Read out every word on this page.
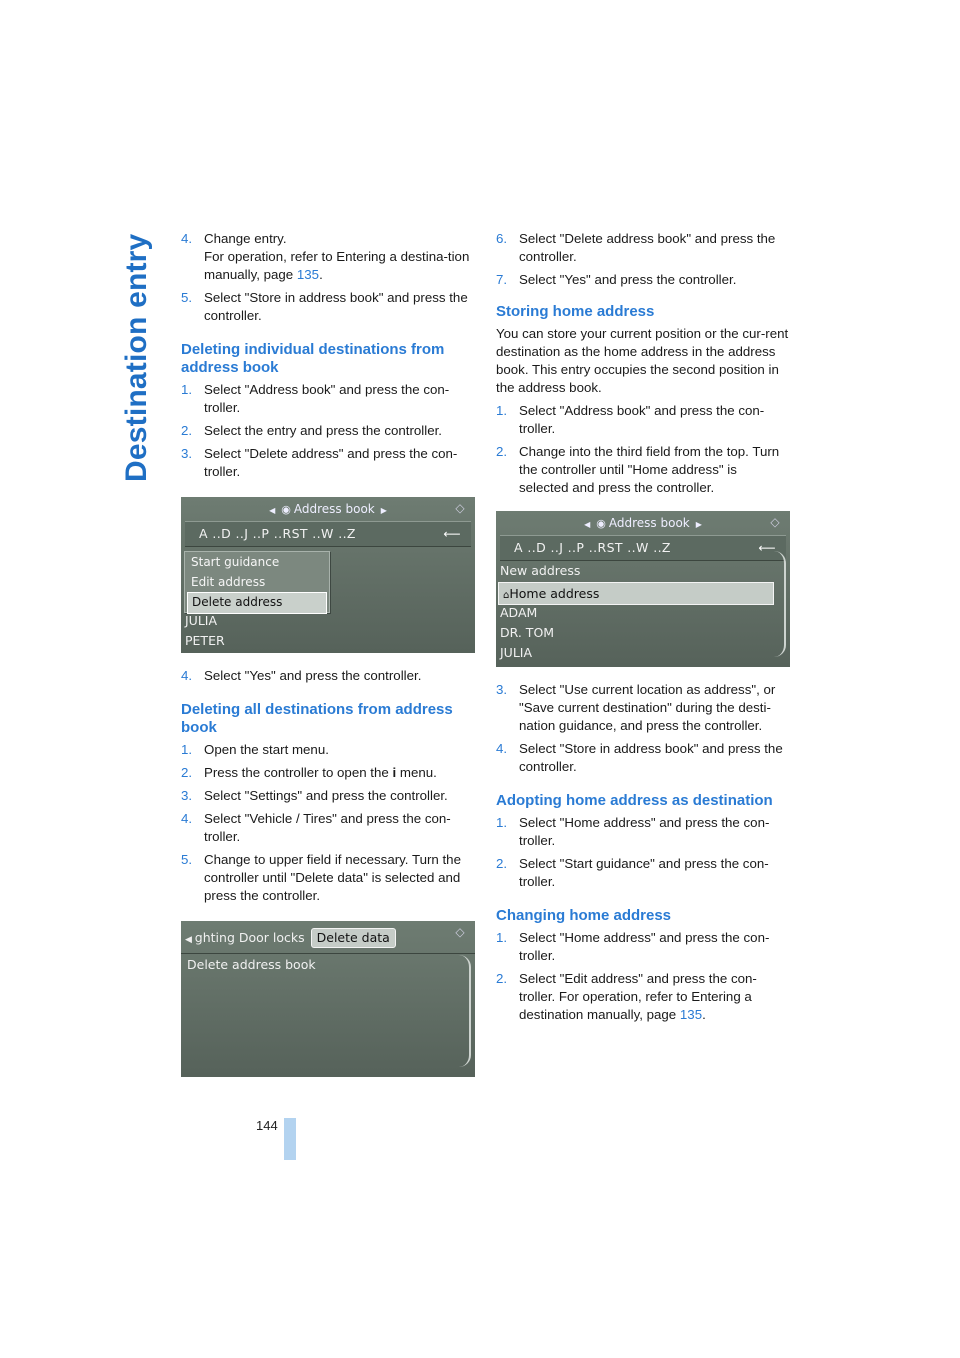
Destination entry 4. Change entry.
For operation, refer to Entering a destina-tion manually, page 135.
5. Select "Store in address book" and press the controller.
Deleting individual destinations from address book
1. Select "Address book" and press the con-troller.
2. Select the entry and press the controller.
3. Select "Delete address" and press the con-troller.
◀ ◉ Address book ▶	◇
A ..D ..J ..P ..RST ..W ..Z	⟵
Start guidance
Edit address
Delete address
JULIA
PETER
4. Select "Yes" and press the controller.
Deleting all destinations from address book
1. Open the start menu.
2. Press the controller to open the i menu.
3. Select "Settings" and press the controller.
4. Select "Vehicle / Tires" and press the con-troller.
5. Change to upper field if necessary. Turn the controller until "Delete data" is selected and press the controller.
◀ ghting Door locks Delete data	◇
Delete address book
6. Select "Delete address book" and press the controller.
7. Select "Yes" and press the controller.
Storing home address
You can store your current position or the cur-rent destination as the home address in the address book. This entry occupies the second position in the address book.
1. Select "Address book" and press the con-troller.
2. Change into the third field from the top. Turn the controller until "Home address" is selected and press the controller.
◀ ◉ Address book ▶	◇
A ..D ..J ..P ..RST ..W ..Z	⟵
New address
⌂Home address
ADAM
DR. TOM
JULIA
3. Select "Use current location as address", or "Save current destination" during the desti-nation guidance, and press the controller.
4. Select "Store in address book" and press the controller.
Adopting home address as destination
1. Select "Home address" and press the con-troller.
2. Select "Start guidance" and press the con-troller.
Changing home address
1. Select "Home address" and press the con-troller.
2. Select "Edit address" and press the con-troller. For operation, refer to Entering a destination manually, page 135.
144
